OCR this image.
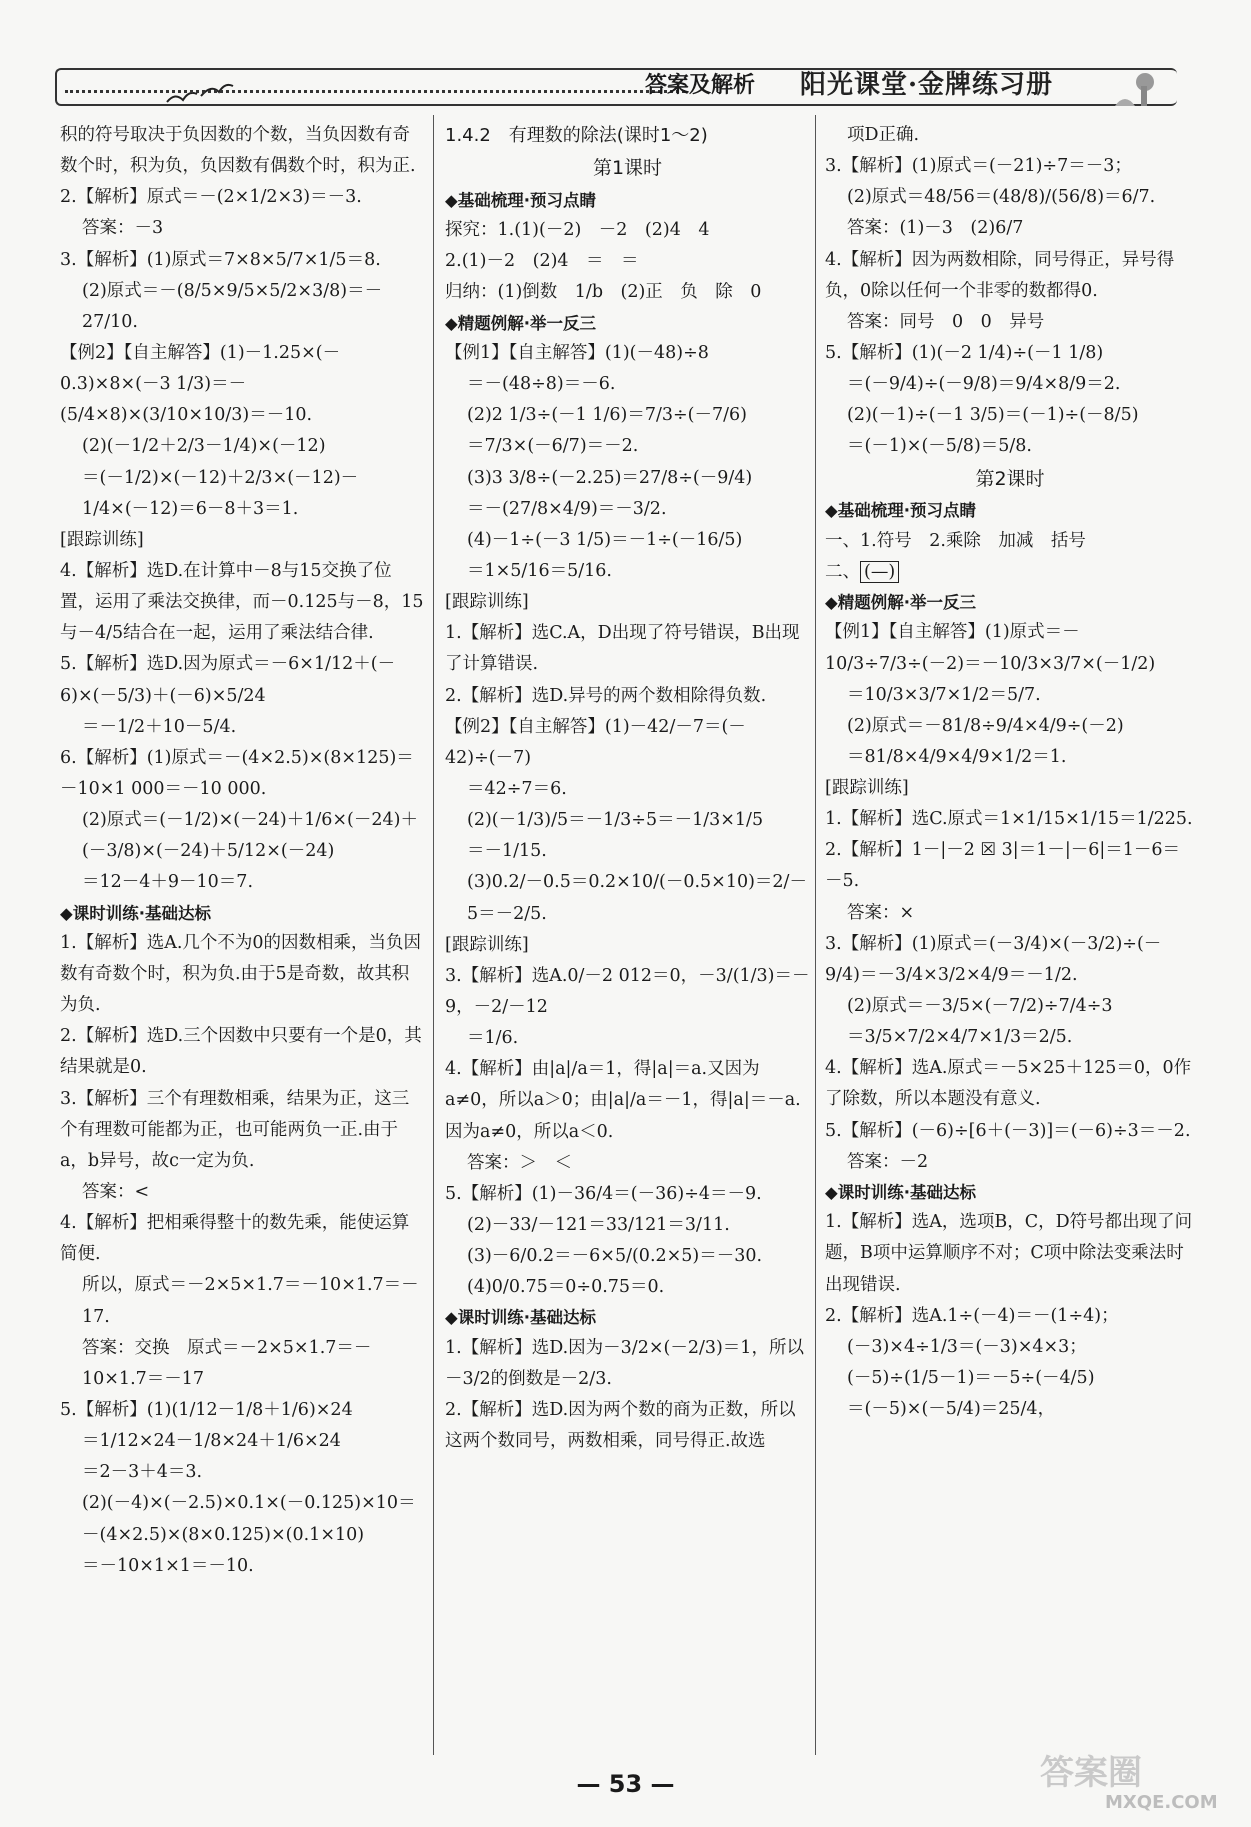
答案及解析 阳光课堂·金牌练习册

积的符号取决于负因数的个数，当负因数有奇数个时，积为负，负因数有偶数个时，积为正.

2.【解析】原式＝－(2×1/2×3)＝－3.

答案：－3

3.【解析】(1)原式＝7×8×5/7×1/5＝8.

(2)原式＝－(8/5×9/5×5/2×3/8)＝－27/10.

【例2】【自主解答】(1)－1.25×(－0.3)×8×(－3 1/3)＝－(5/4×8)×(3/10×10/3)＝－10.

(2)(－1/2＋2/3－1/4)×(－12)

＝(－1/2)×(－12)＋2/3×(－12)－

1/4×(－12)＝6－8＋3＝1.

[跟踪训练]

4.【解析】选D.在计算中－8与15交换了位置，运用了乘法交换律，而－0.125与－8，15与－4/5结合在一起，运用了乘法结合律.

5.【解析】选D.因为原式＝－6×1/12＋(－6)×(－5/3)＋(－6)×5/24

＝－1/2＋10－5/4.

6.【解析】(1)原式＝－(4×2.5)×(8×125)＝－10×1 000＝－10 000.

(2)原式＝(－1/2)×(－24)＋1/6×(－24)＋(－3/8)×(－24)＋5/12×(－24)

＝12－4＋9－10＝7.

◆课时训练·基础达标

1.【解析】选A.几个不为0的因数相乘，当负因数有奇数个时，积为负.由于5是奇数，故其积为负.

2.【解析】选D.三个因数中只要有一个是0，其结果就是0.

3.【解析】三个有理数相乘，结果为正，这三个有理数可能都为正，也可能两负一正.由于a，b异号，故c一定为负.

答案：<

4.【解析】把相乘得整十的数先乘，能使运算简便.

所以，原式＝－2×5×1.7＝－10×1.7＝－17.

答案：交换　原式＝－2×5×1.7＝－10×1.7＝－17

5.【解析】(1)(1/12－1/8＋1/6)×24

＝1/12×24－1/8×24＋1/6×24

＝2－3＋4＝3.

(2)(－4)×(－2.5)×0.1×(－0.125)×10＝－(4×2.5)×(8×0.125)×(0.1×10)

＝－10×1×1＝－10.

1.4.2　有理数的除法(课时1～2)

第1课时

◆基础梳理·预习点睛

探究：1.(1)(－2)　－2　(2)4　4

2.(1)－2　(2)4　＝　＝

归纳：(1)倒数　1/b　(2)正　负　除　0

◆精题例解·举一反三

【例1】【自主解答】(1)(－48)÷8

＝－(48÷8)＝－6.

(2)2 1/3÷(－1 1/6)＝7/3÷(－7/6)

＝7/3×(－6/7)＝－2.

(3)3 3/8÷(－2.25)＝27/8÷(－9/4)

＝－(27/8×4/9)＝－3/2.

(4)－1÷(－3 1/5)＝－1÷(－16/5)

＝1×5/16＝5/16.

[跟踪训练]

1.【解析】选C.A，D出现了符号错误，B出现了计算错误.

2.【解析】选D.异号的两个数相除得负数.

【例2】【自主解答】(1)－42/－7＝(－42)÷(－7)

＝42÷7＝6.

(2)(－1/3)/5＝－1/3÷5＝－1/3×1/5

＝－1/15.

(3)0.2/－0.5＝0.2×10/(－0.5×10)＝2/－5＝－2/5.

[跟踪训练]

3.【解析】选A.0/－2 012＝0，－3/(1/3)＝－9，－2/－12

＝1/6.

4.【解析】由|a|/a＝1，得|a|＝a.又因为a≠0，所以a＞0；由|a|/a＝－1，得|a|＝－a.因为a≠0，所以a＜0.

答案：＞　＜

5.【解析】(1)－36/4＝(－36)÷4＝－9.

(2)－33/－121＝33/121＝3/11.

(3)－6/0.2＝－6×5/(0.2×5)＝－30.

(4)0/0.75＝0÷0.75＝0.

◆课时训练·基础达标

1.【解析】选D.因为－3/2×(－2/3)＝1，所以－3/2的倒数是－2/3.

2.【解析】选D.因为两个数的商为正数，所以这两个数同号，两数相乘，同号得正.故选

项D正确.

3.【解析】(1)原式＝(－21)÷7＝－3；

(2)原式＝48/56＝(48/8)/(56/8)＝6/7.

答案：(1)－3　(2)6/7

4.【解析】因为两数相除，同号得正，异号得负，0除以任何一个非零的数都得0.

答案：同号　0　0　异号

5.【解析】(1)(－2 1/4)÷(－1 1/8)

＝(－9/4)÷(－9/8)＝9/4×8/9＝2.

(2)(－1)÷(－1 3/5)＝(－1)÷(－8/5)

＝(－1)×(－5/8)＝5/8.

第2课时

◆基础梳理·预习点睛

一、1.符号　2.乘除　加减　括号

二、 (—)

◆精题例解·举一反三

【例1】【自主解答】(1)原式＝－10/3÷7/3÷(－2)＝－10/3×3/7×(－1/2)

＝10/3×3/7×1/2＝5/7.

(2)原式＝－81/8÷9/4×4/9÷(－2)

＝81/8×4/9×4/9×1/2＝1.

[跟踪训练]

1.【解析】选C.原式＝1×1/15×1/15＝1/225.

2.【解析】1－|－2 ☒ 3|＝1－|－6|＝1－6＝－5.

答案：×

3.【解析】(1)原式＝(－3/4)×(－3/2)÷(－9/4)＝－3/4×3/2×4/9＝－1/2.

(2)原式＝－3/5×(－7/2)÷7/4÷3

＝3/5×7/2×4/7×1/3＝2/5.

4.【解析】选A.原式＝－5×25＋125＝0，0作了除数，所以本题没有意义.

5.【解析】(－6)÷[6＋(－3)]＝(－6)÷3＝－2.

答案：－2

◆课时训练·基础达标

1.【解析】选A，选项B，C，D符号都出现了问题，B项中运算顺序不对；C项中除法变乘法时出现错误.

2.【解析】选A.1÷(－4)＝－(1÷4)；

(－3)×4÷1/3＝(－3)×4×3；

(－5)÷(1/5－1)＝－5÷(－4/5)

＝(－5)×(－5/4)＝25/4，

— 53 —	答案圈
MXQE.COM
